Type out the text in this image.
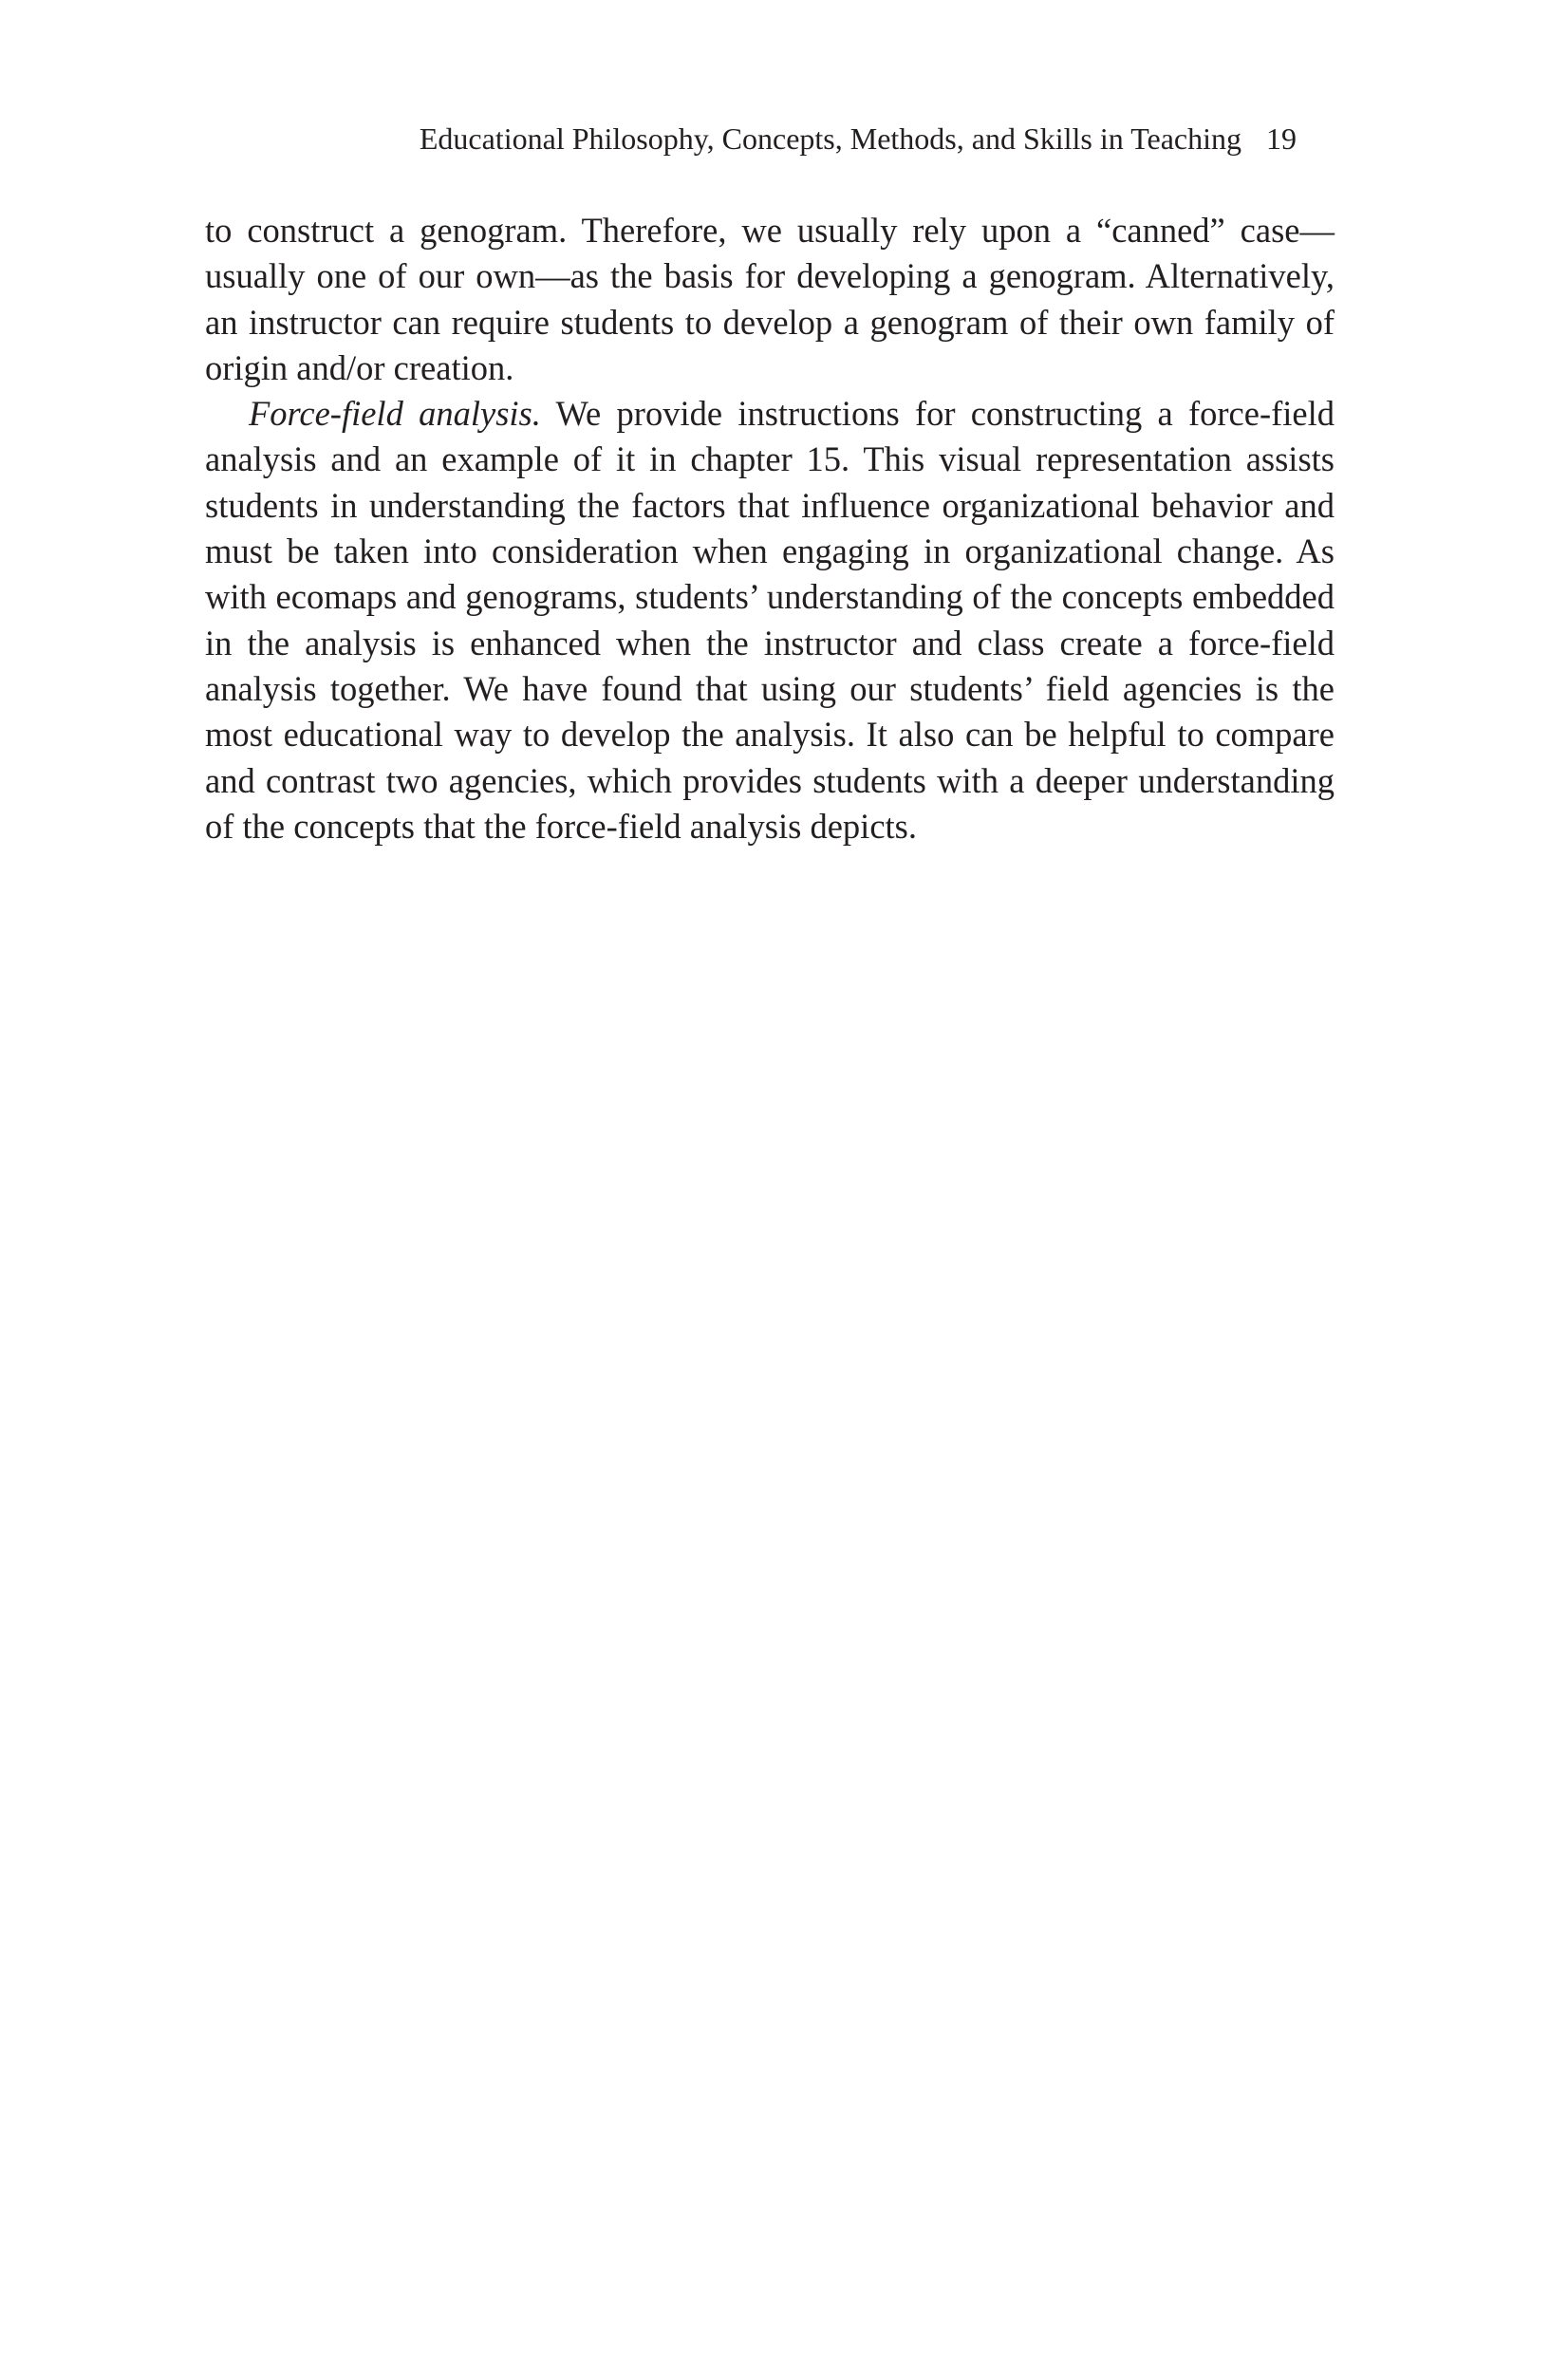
Educational Philosophy, Concepts, Methods, and Skills in Teaching 19

to construct a genogram. Therefore, we usually rely upon a “canned” case—usually one of our own—as the basis for developing a genogram. Alternatively, an instructor can require students to develop a genogram of their own family of origin and/or creation.

Force-field analysis. We provide instructions for constructing a force-field analysis and an example of it in chapter 15. This visual representation assists students in understanding the factors that influence organizational behavior and must be taken into consideration when engaging in organizational change. As with ecomaps and genograms, students’ understanding of the concepts embedded in the analysis is enhanced when the instructor and class create a force-field analysis together. We have found that using our students’ field agencies is the most educational way to develop the analysis. It also can be helpful to compare and contrast two agencies, which provides students with a deeper understanding of the concepts that the force-field analysis depicts.
